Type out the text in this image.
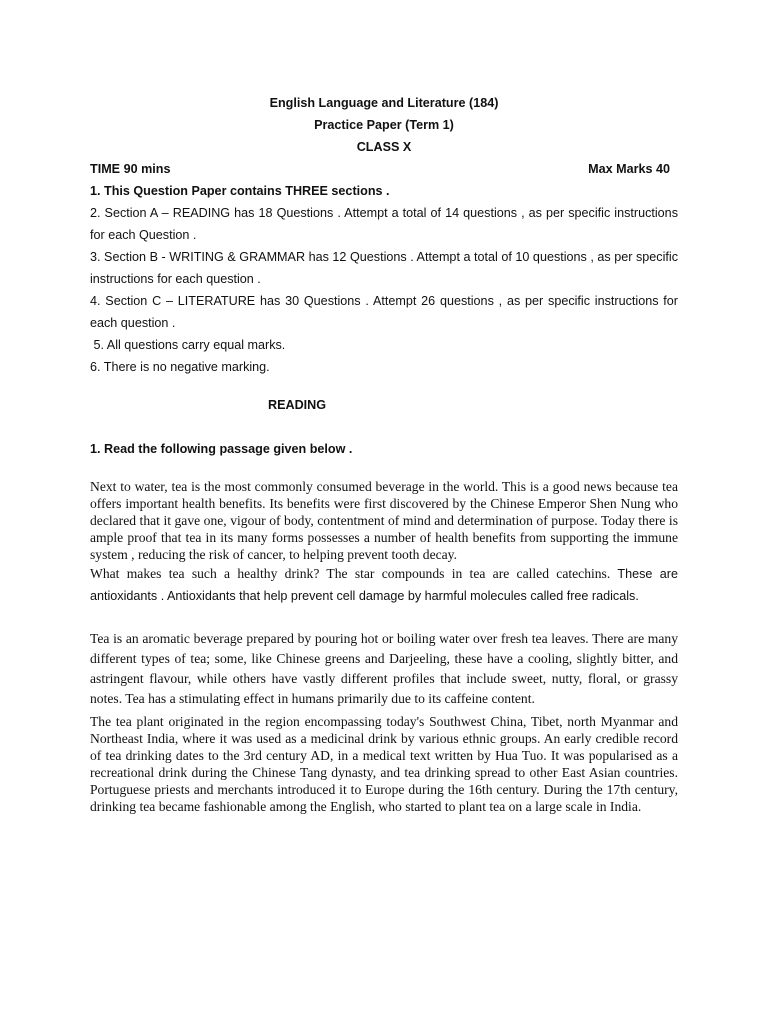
English Language and Literature (184)

Practice Paper (Term 1)

CLASS X

TIME 90 mins	Max Marks 40

1. This Question Paper contains THREE sections .

2. Section A – READING has 18 Questions . Attempt a total of 14 questions , as per specific instructions for each Question .

3. Section B - WRITING & GRAMMAR has 12 Questions . Attempt a total of 10 questions , as per specific instructions for each question .

4. Section C – LITERATURE has 30 Questions . Attempt 26 questions , as per specific instructions for each question .

5. All questions carry equal marks.

6. There is no negative marking.

READING

1. Read the following passage given below .

Next to water, tea is the most commonly consumed beverage in the world. This is a good news because tea offers important health benefits. Its benefits were first discovered by the Chinese Emperor Shen Nung who declared that it gave one, vigour of body, contentment of mind and determination of purpose. Today there is ample proof that tea in its many forms possesses a number of health benefits from supporting the immune system , reducing the risk of cancer, to helping prevent tooth decay.

What makes tea such a healthy drink? The star compounds in tea are called catechins. These are antioxidants . Antioxidants that help prevent cell damage by harmful molecules called free radicals.

Tea is an aromatic beverage prepared by pouring hot or boiling water over fresh tea leaves. There are many different types of tea; some, like Chinese greens and Darjeeling, these have a cooling, slightly bitter, and astringent flavour, while others have vastly different profiles that include sweet, nutty, floral, or grassy notes. Tea has a stimulating effect in humans primarily due to its caffeine content.

The tea plant originated in the region encompassing today's Southwest China, Tibet, north Myanmar and Northeast India, where it was used as a medicinal drink by various ethnic groups. An early credible record of tea drinking dates to the 3rd century AD, in a medical text written by Hua Tuo. It was popularised as a recreational drink during the Chinese Tang dynasty, and tea drinking spread to other East Asian countries. Portuguese priests and merchants introduced it to Europe during the 16th century. During the 17th century, drinking tea became fashionable among the English, who started to plant tea on a large scale in India.
